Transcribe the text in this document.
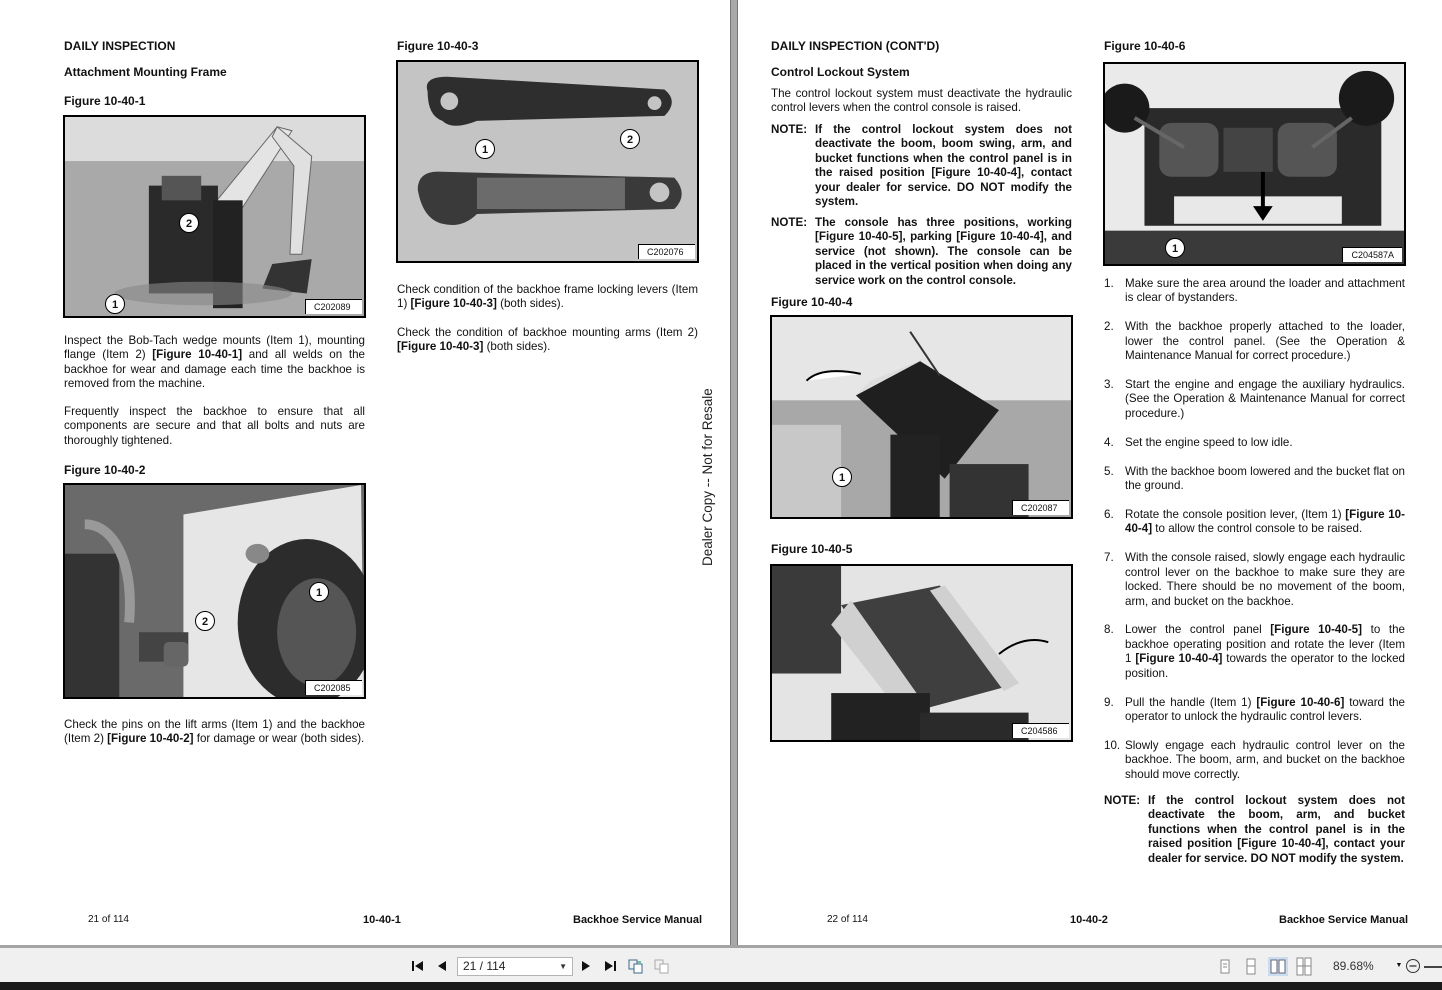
DAILY INSPECTION
Attachment Mounting Frame
Figure 10-40-1
2
1	C202089
Inspect the Bob-Tach wedge mounts (Item 1), mounting flange (Item 2) [Figure 10-40-1] and all welds on the backhoe for wear and damage each time the backhoe is removed from the machine.
Frequently inspect the backhoe to ensure that all components are secure and that all bolts and nuts are thoroughly tightened.
Figure 10-40-2
1
2
C202085
Check the pins on the lift arms (Item 1) and the backhoe (Item 2) [Figure 10-40-2] for damage or wear (both sides).
Figure 10-40-3
1
2
C202076
Check condition of the backhoe frame locking levers (Item 1) [Figure 10-40-3] (both sides).
Check the condition of backhoe mounting arms (Item 2) [Figure 10-40-3] (both sides).
Dealer Copy -- Not for Resale
21 of 114	10-40-1	Backhoe Service Manual
DAILY INSPECTION (CONT'D)
Control Lockout System
The control lockout system must deactivate the hydraulic control levers when the control console is raised.
NOTE: If the control lockout system does not deactivate the boom, boom swing, arm, and bucket functions when the control panel is in the raised position [Figure 10-40-4], contact your dealer for service. DO NOT modify the system.
NOTE: The console has three positions, working [Figure 10-40-5], parking [Figure 10-40-4], and service (not shown). The console can be placed in the vertical position when doing any service work on the control console.
Figure 10-40-4
1
C202087
Figure 10-40-5
C204586
Figure 10-40-6
1	C204587A
1. Make sure the area around the loader and attachment is clear of bystanders.
2. With the backhoe properly attached to the loader, lower the control panel. (See the Operation & Maintenance Manual for correct procedure.)
3. Start the engine and engage the auxiliary hydraulics. (See the Operation & Maintenance Manual for correct procedure.)
4. Set the engine speed to low idle.
5. With the backhoe boom lowered and the bucket flat on the ground.
6. Rotate the console position lever, (Item 1) [Figure 10-40-4] to allow the control console to be raised.
7. With the console raised, slowly engage each hydraulic control lever on the backhoe to make sure they are locked. There should be no movement of the boom, arm, and bucket on the backhoe.
8. Lower the control panel [Figure 10-40-5] to the backhoe operating position and rotate the lever (Item 1 [Figure 10-40-4] towards the operator to the locked position.
9. Pull the handle (Item 1) [Figure 10-40-6] toward the operator to unlock the hydraulic control levers.
10. Slowly engage each hydraulic control lever on the backhoe. The boom, arm, and bucket on the backhoe should move correctly.
NOTE: If the control lockout system does not deactivate the boom, arm, and bucket functions when the control panel is in the raised position [Figure 10-40-4], contact your dealer for service. DO NOT modify the system.
22 of 114	10-40-2	Backhoe Service Manual
21 / 114	▼	89.68%	▼
